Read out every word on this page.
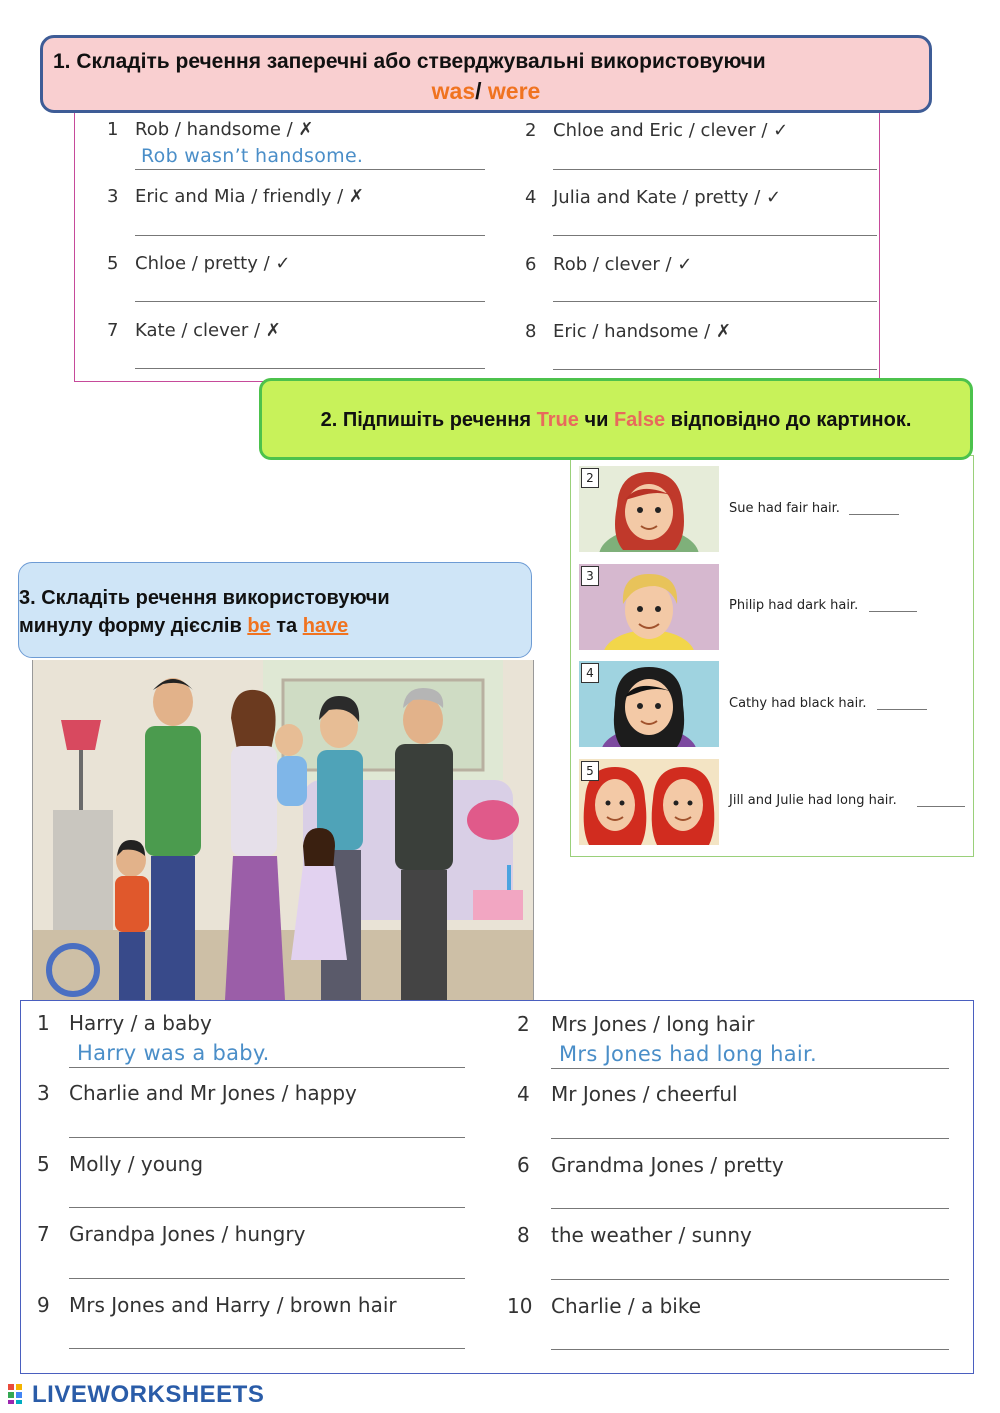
1 Rob / handsome / ✗
Rob wasn’t handsome.
3 Eric and Mia / friendly / ✗
5 Chloe / pretty / ✓
7 Kate / clever / ✗
2 Chloe and Eric / clever / ✓
4 Julia and Kate / pretty / ✓
6 Rob / clever / ✓
8 Eric / handsome / ✗
1. Складіть речення заперечні або стверджувальні використовуючи
was/ were
2
Sue had fair hair.
3
Philip had dark hair.
4
Cathy had black hair.
5
Jill and Julie had long hair.
2. Підпишіть речення True чи False відповідно до картинок.
3. Складіть речення використовуючи
минулу форму дієслів be та have
1 Harry / a baby
Harry was a baby.
3 Charlie and Mr Jones / happy
5 Molly / young
7 Grandpa Jones / hungry
9 Mrs Jones and Harry / brown hair
2 Mrs Jones / long hair
Mrs Jones had long hair.
4 Mr Jones / cheerful
6 Grandma Jones / pretty
8 the weather / sunny
10 Charlie / a bike
LIVEWORKSHEETS
